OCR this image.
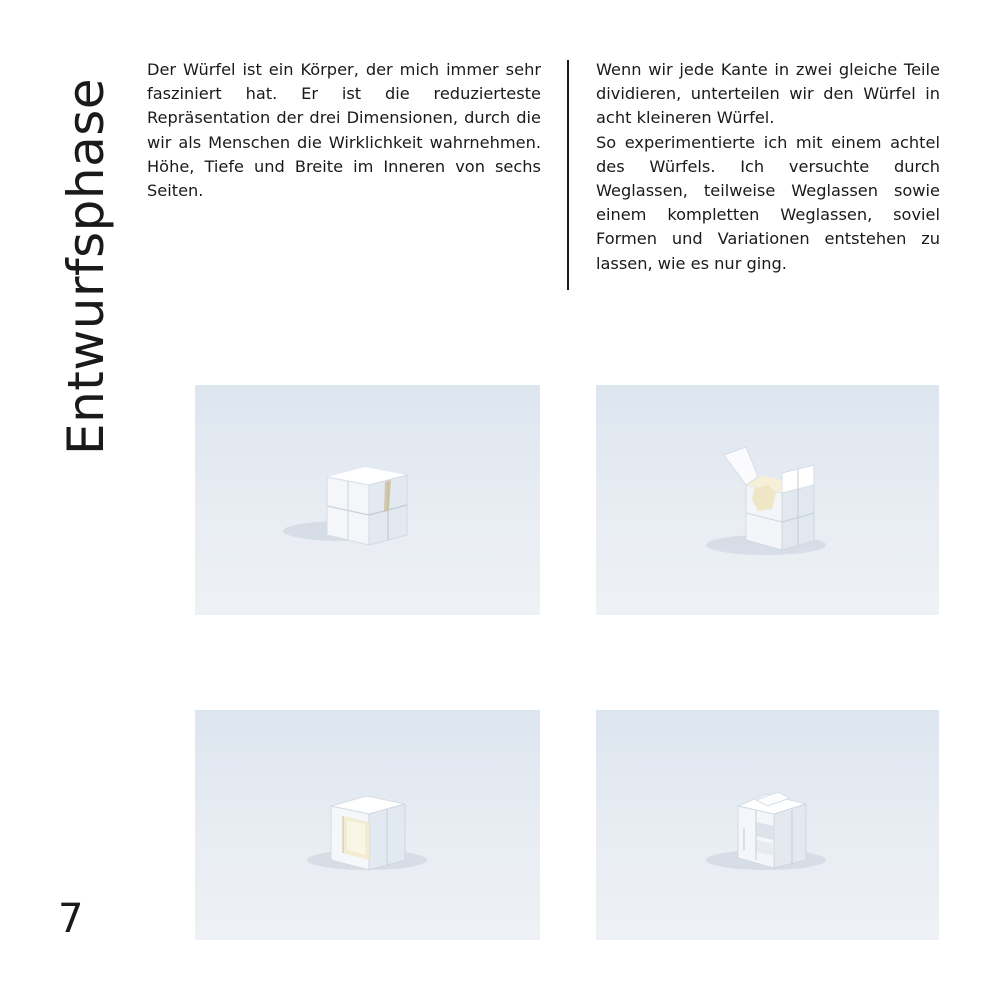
Entwurfsphase

Der Würfel ist ein Körper, der mich immer sehr fasziniert hat. Er ist die reduzierteste Repräsentation der drei Dimensionen, durch die wir als Menschen die Wirklichkeit wahrnehmen. Höhe, Tiefe und Breite im Inneren von sechs Seiten.

Wenn wir jede Kante in zwei gleiche Teile dividieren, unterteilen wir den Würfel in acht kleineren Würfel.

So experimentierte ich mit einem achtel des Würfels. Ich versuchte durch Weglassen, teilweise Weglassen sowie einem kompletten Weglassen, soviel Formen und Variationen entstehen zu lassen, wie es nur ging.

7
